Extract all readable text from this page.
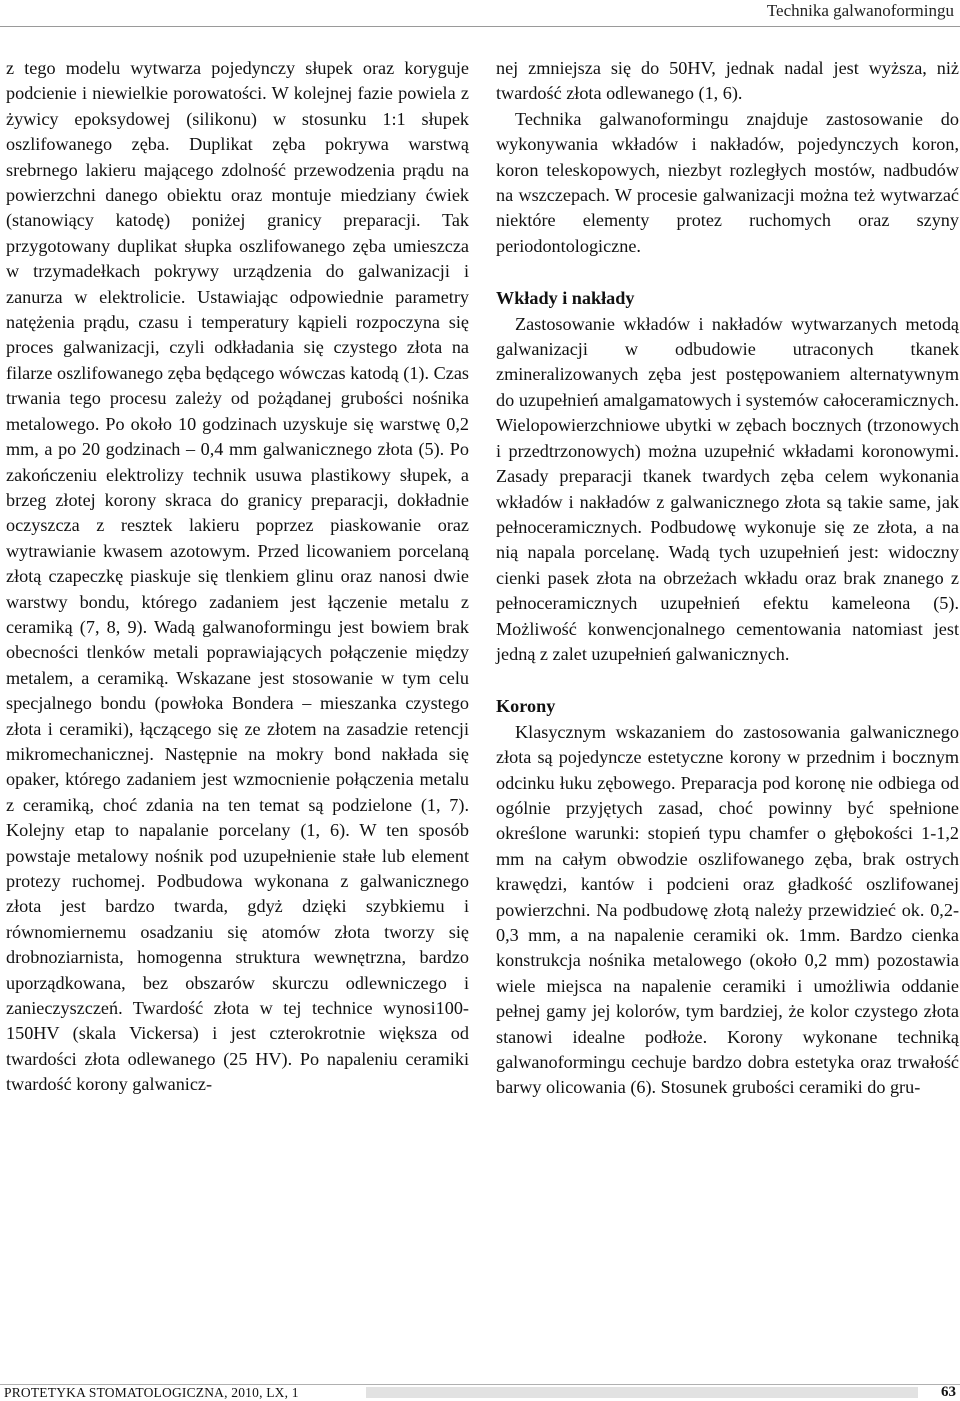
Technika galwanoformingu

z tego modelu wytwarza pojedynczy słupek oraz koryguje podcienie i niewielkie porowatości. W kolejnej fazie powiela z żywicy epoksydowej (silikonu) w stosunku 1:1 słupek oszlifowanego zęba. Duplikat zęba pokrywa warstwą srebrnego lakieru mającego zdolność przewodzenia prądu na powierzchni danego obiektu oraz montuje miedziany ćwiek (stanowiący katodę) poniżej granicy preparacji. Tak przygotowany duplikat słupka oszlifowanego zęba umieszcza w trzymadełkach pokrywy urządzenia do galwanizacji i zanurza w elektrolicie. Ustawiając odpowiednie parametry natężenia prądu, czasu i temperatury kąpieli rozpoczyna się proces galwanizacji, czyli odkładania się czystego złota na filarze oszlifowanego zęba będącego wówczas katodą (1). Czas trwania tego procesu zależy od pożądanej grubości nośnika metalowego. Po około 10 godzinach uzyskuje się warstwę 0,2 mm, a po 20 godzinach – 0,4 mm galwanicznego złota (5). Po zakończeniu elektrolizy technik usuwa plastikowy słupek, a brzeg złotej korony skraca do granicy preparacji, dokładnie oczyszcza z resztek lakieru poprzez piaskowanie oraz wytrawianie kwasem azotowym. Przed licowaniem porcelaną złotą czapeczkę piaskuje się tlenkiem glinu oraz nanosi dwie warstwy bondu, którego zadaniem jest łączenie metalu z ceramiką (7, 8, 9). Wadą galwanoformingu jest bowiem brak obecności tlenków metali poprawiających połączenie między metalem, a ceramiką. Wskazane jest stosowanie w tym celu specjalnego bondu (powłoka Bondera – mieszanka czystego złota i ceramiki), łączącego się ze złotem na zasadzie retencji mikromechanicznej. Następnie na mokry bond nakłada się opaker, którego zadaniem jest wzmocnienie połączenia metalu z ceramiką, choć zdania na ten temat są podzielone (1, 7). Kolejny etap to napalanie porcelany (1, 6). W ten sposób powstaje metalowy nośnik pod uzupełnienie stałe lub element protezy ruchomej. Podbudowa wykonana z galwanicznego złota jest bardzo twarda, gdyż dzięki szybkiemu i równomiernemu osadzaniu się atomów złota tworzy się drobnoziarnista, homogenna struktura wewnętrzna, bardzo uporządkowana, bez obszarów skurczu odlewniczego i zanieczyszczeń. Twardość złota w tej technice wynosi100-150HV (skala Vickersa) i jest czterokrotnie większa od twardości złota odlewanego (25 HV). Po napaleniu ceramiki twardość korony galwanicz-

nej zmniejsza się do 50HV, jednak nadal jest wyższa, niż twardość złota odlewanego (1, 6).

Technika galwanoformingu znajduje zastosowanie do wykonywania wkładów i nakładów, pojedynczych koron, koron teleskopowych, niezbyt rozległych mostów, nadbudów na wszczepach. W procesie galwanizacji można też wytwarzać niektóre elementy protez ruchomych oraz szyny periodontologiczne.

Wkłady i nakłady

Zastosowanie wkładów i nakładów wytwarzanych metodą galwanizacji w odbudowie utraconych tkanek zmineralizowanych zęba jest postępowaniem alternatywnym do uzupełnień amalgamatowych i systemów całoceramicznych. Wielopowierzchniowe ubytki w zębach bocznych (trzonowych i przedtrzonowych) można uzupełnić wkładami koronowymi. Zasady preparacji tkanek twardych zęba celem wykonania wkładów i nakładów z galwanicznego złota są takie same, jak pełnoceramicznych. Podbudowę wykonuje się ze złota, a na nią napala porcelanę. Wadą tych uzupełnień jest: widoczny cienki pasek złota na obrzeżach wkładu oraz brak znanego z pełnoceramicznych uzupełnień efektu kameleona (5). Możliwość konwencjonalnego cementowania natomiast jest jedną z zalet uzupełnień galwanicznych.

Korony

Klasycznym wskazaniem do zastosowania galwanicznego złota są pojedyncze estetyczne korony w przednim i bocznym odcinku łuku zębowego. Preparacja pod koronę nie odbiega od ogólnie przyjętych zasad, choć powinny być spełnione określone warunki: stopień typu chamfer o głębokości 1-1,2 mm na całym obwodzie oszlifowanego zęba, brak ostrych krawędzi, kantów i podcieni oraz gładkość oszlifowanej powierzchni. Na podbudowę złotą należy przewidzieć ok. 0,2-0,3 mm, a na napalenie ceramiki ok. 1mm. Bardzo cienka konstrukcja nośnika metalowego (około 0,2 mm) pozostawia wiele miejsca na napalenie ceramiki i umożliwia oddanie pełnej gamy jej kolorów, tym bardziej, że kolor czystego złota stanowi idealne podłoże. Korony wykonane techniką galwanoformingu cechuje bardzo dobra estetyka oraz trwałość barwy olicowania (6). Stosunek grubości ceramiki do gru-

PROTETYKA STOMATOLOGICZNA, 2010, LX, 1	63
